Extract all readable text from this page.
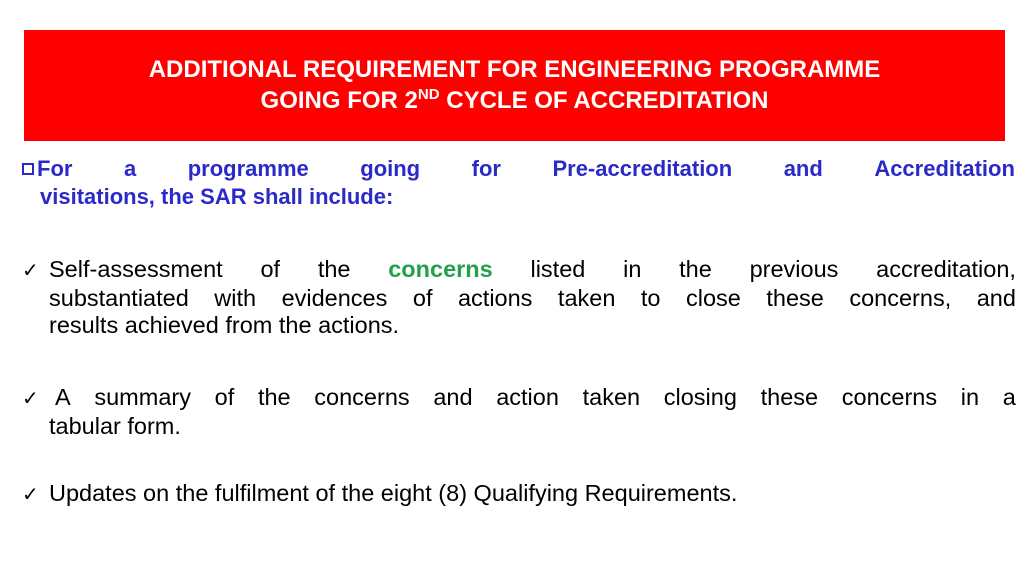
ADDITIONAL REQUIREMENT FOR ENGINEERING PROGRAMME
GOING FOR 2ND CYCLE OF ACCREDITATION
For a programme going for Pre-accreditation and Accreditation
visitations, the SAR shall include:
✓ Self-assessment of the concerns listed in the previous accreditation,
substantiated with evidences of actions taken to close these concerns, and
results achieved from the actions.
✓ A summary of the concerns and action taken closing these concerns in a
tabular form.
✓ Updates on the fulfilment of the eight (8) Qualifying Requirements.
